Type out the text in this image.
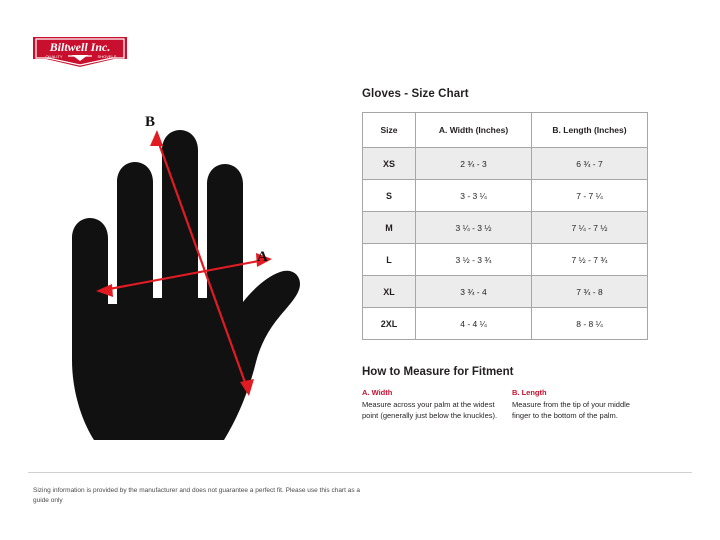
Biltwell Inc.
QUALITY	SHOVELS
B
A
Gloves - Size Chart
Size	A. Width (Inches)	B. Length (Inches)
XS	2 ¾ - 3	6 ¾ - 7
S	3 - 3 ¼	7 - 7 ¼
M	3 ¼ - 3 ½	7 ¼ - 7 ½
L	3 ½ - 3 ¾	7 ½ - 7 ¾
XL	3 ¾ - 4	7 ¾ - 8
2XL	4 - 4 ¼	8 - 8 ¼
How to Measure for Fitment
A. Width
Measure across your palm at the widest point (generally just below the knuckles).
B. Length
Measure from the tip of your middle finger to the bottom of the palm.
Sizing information is provided by the manufacturer and does not guarantee a perfect fit. Please use this chart as a guide only
